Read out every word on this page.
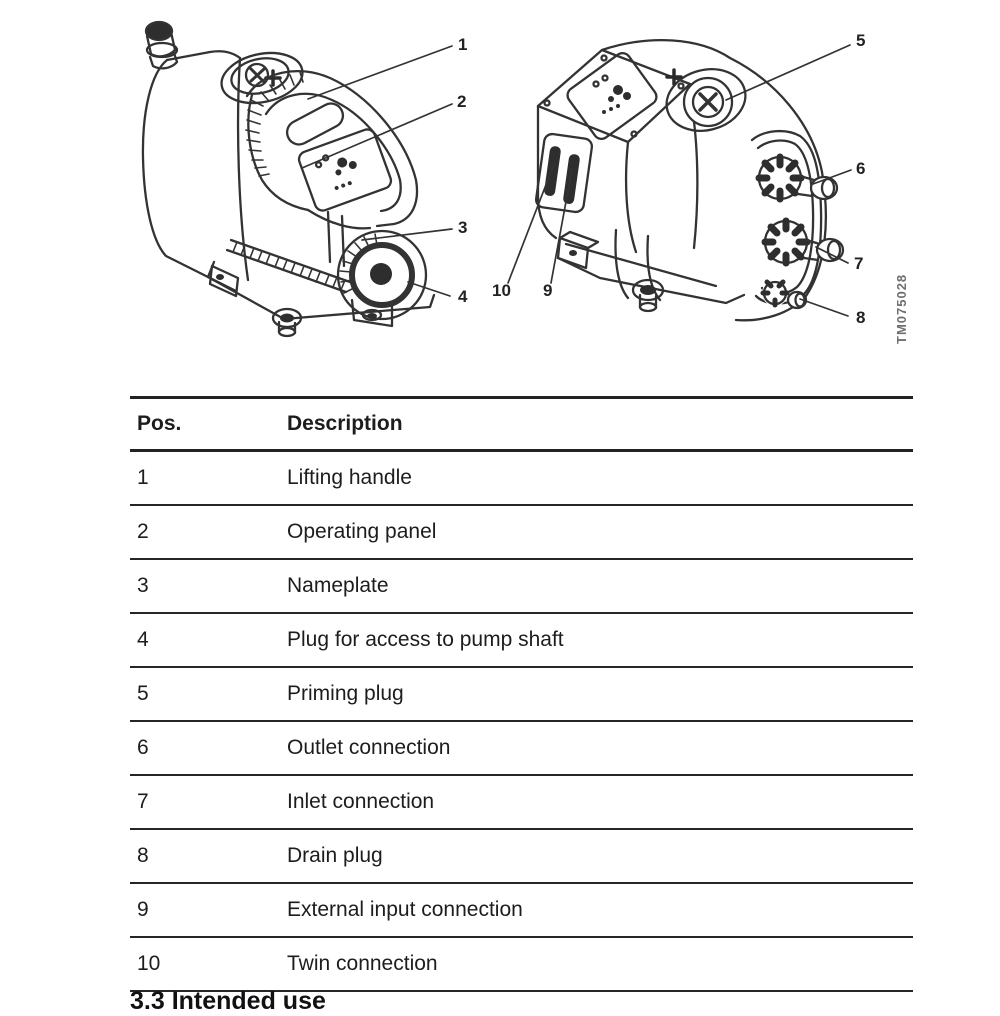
1
2
3
4
5
6
7
8
9
10	TM075028
Pos.	Description
1	Lifting handle
2	Operating panel
3	Nameplate
4	Plug for access to pump shaft
5	Priming plug
6	Outlet connection
7	Inlet connection
8	Drain plug
9	External input connection
10	Twin connection
3.3 Intended use
